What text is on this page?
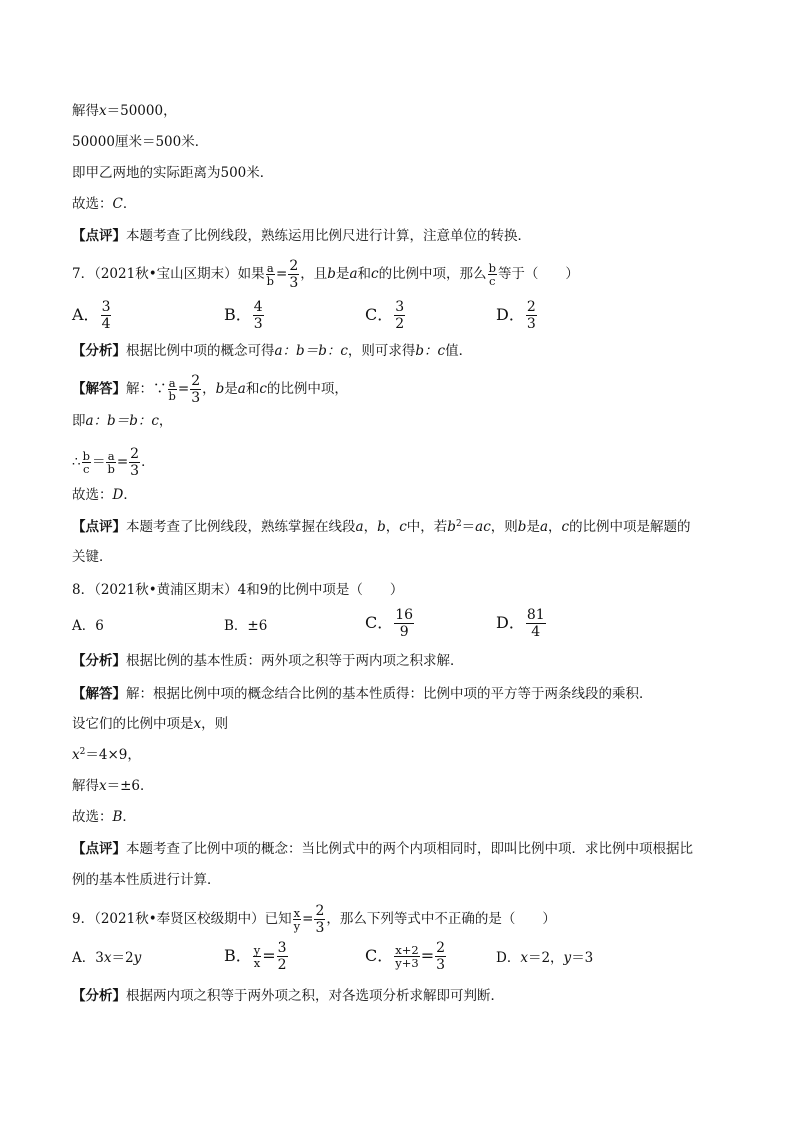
解得x＝50000，
50000厘米＝500米．
即甲乙两地的实际距离为500米．
故选：C．
【点评】本题考查了比例线段，熟练运用比例尺进行计算，注意单位的转换．
7．（2021秋•宝山区期末）如果 $\frac{a}{b} = \frac{2}{3}$ ，且b是a和c的比例中项，那么 $\frac{b}{c}$ 等于（　　）
A． $\frac{3}{4}$	B． $\frac{4}{3}$	C． $\frac{3}{2}$	D． $\frac{2}{3}$
【分析】根据比例中项的概念可得a：b＝b：c，则可求得b：c值．
【解答】解：∵ $\frac{a}{b} = \frac{2}{3}$ ，b是a和c的比例中项，
即a：b＝b：c，
∴ $\frac{b}{c} = \frac{a}{b} = \frac{2}{3}$ ．
故选：D．
【点评】本题考查了比例线段，熟练掌握在线段a，b，c中，若$b^2=ac$，则b是a，c的比例中项是解题的
关键．
8．（2021秋•黄浦区期末）4和9的比例中项是（　　）
A．6	B．±6	C． $\frac{16}{9}$	D． $\frac{81}{4}$
【分析】根据比例的基本性质：两外项之积等于两内项之积求解．
【解答】解：根据比例中项的概念结合比例的基本性质得：比例中项的平方等于两条线段的乘积．
设它们的比例中项是x，则
$x^2=4\times 9$，
解得x＝±6．
故选：B．
【点评】本题考查了比例中项的概念：当比例式中的两个内项相同时，即叫比例中项．求比例中项根据比
例的基本性质进行计算．
9．（2021秋•奉贤区校级期中）已知 $\frac{x}{y} = \frac{2}{3}$ ，那么下列等式中不正确的是（　　）
A．3x＝2y	B． $\frac{y}{x} = \frac{3}{2}$	C． $\frac{x+2}{y+3} = \frac{2}{3}$	D．x＝2，y＝3
【分析】根据两内项之积等于两外项之积，对各选项分析求解即可判断．
